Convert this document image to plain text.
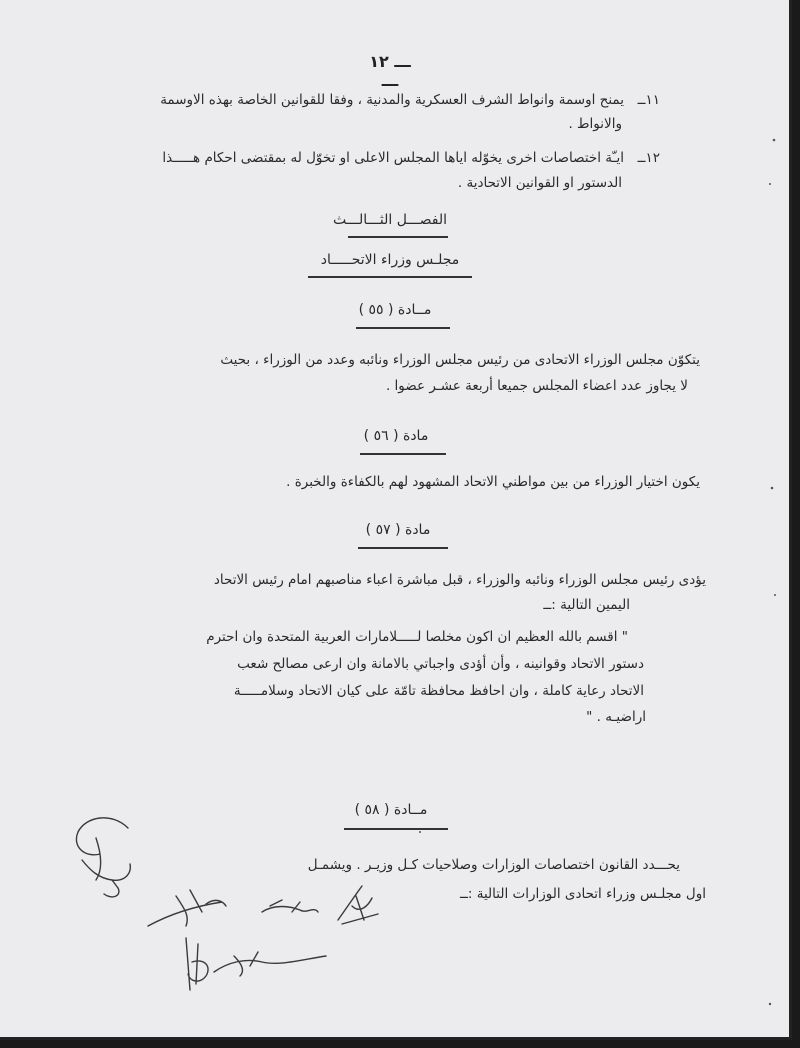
ـــ ١٢ ـــ
١١ــ
يمنح اوسمة وانواط الشرف العسكرية والمدنية ، وفقا للقوانين الخاصة بهذه الاوسمة
والانواط .
١٢ــ
ايـّة اختصاصات اخرى يخوّله اياها المجلس الاعلى او تخوّل له بمقتضى احكام هـــــذا
الدستور او القوانين الاتحادية .
الفصـــل الثـــالـــث
مجلـس وزراء الاتحـــــاد
مــادة ( ٥٥ )
يتكوّن مجلس الوزراء الاتحادى من رئيس مجلس الوزراء ونائبه وعدد من الوزراء ، بحيث
لا يجاوز عدد اعضاء المجلس جميعا أربعة عشـر عضوا .
مادة ( ٥٦ )
يكون اختيار الوزراء من بين مواطني الاتحاد المشهود لهم بالكفاءة والخبرة .
مادة ( ٥٧ )
يؤدى رئيس مجلس الوزراء ونائبه والوزراء ، قبل مباشرة اعباء مناصبهم امام رئيس الاتحاد
اليمين التالية :ــ
" اقسم بالله العظيم ان اكون مخلصا لـــــلامارات العربية المتحدة وان احترم
دستور الاتحاد وقوانينه ، وأن أؤدى واجباتي بالامانة وان ارعى مصالح شعب
الاتحاد رعاية كاملة ، وان احافظ محافظة تامّة على كيان الاتحاد وسلامـــــة
اراضيـه . "
مــادة ( ٥٨ )
يحـــدد القانون اختصاصات الوزارات وصلاحيات كـل وزيـر . ويشمـل
اول مجلـس وزراء اتحادى الوزارات التالية :ــ
